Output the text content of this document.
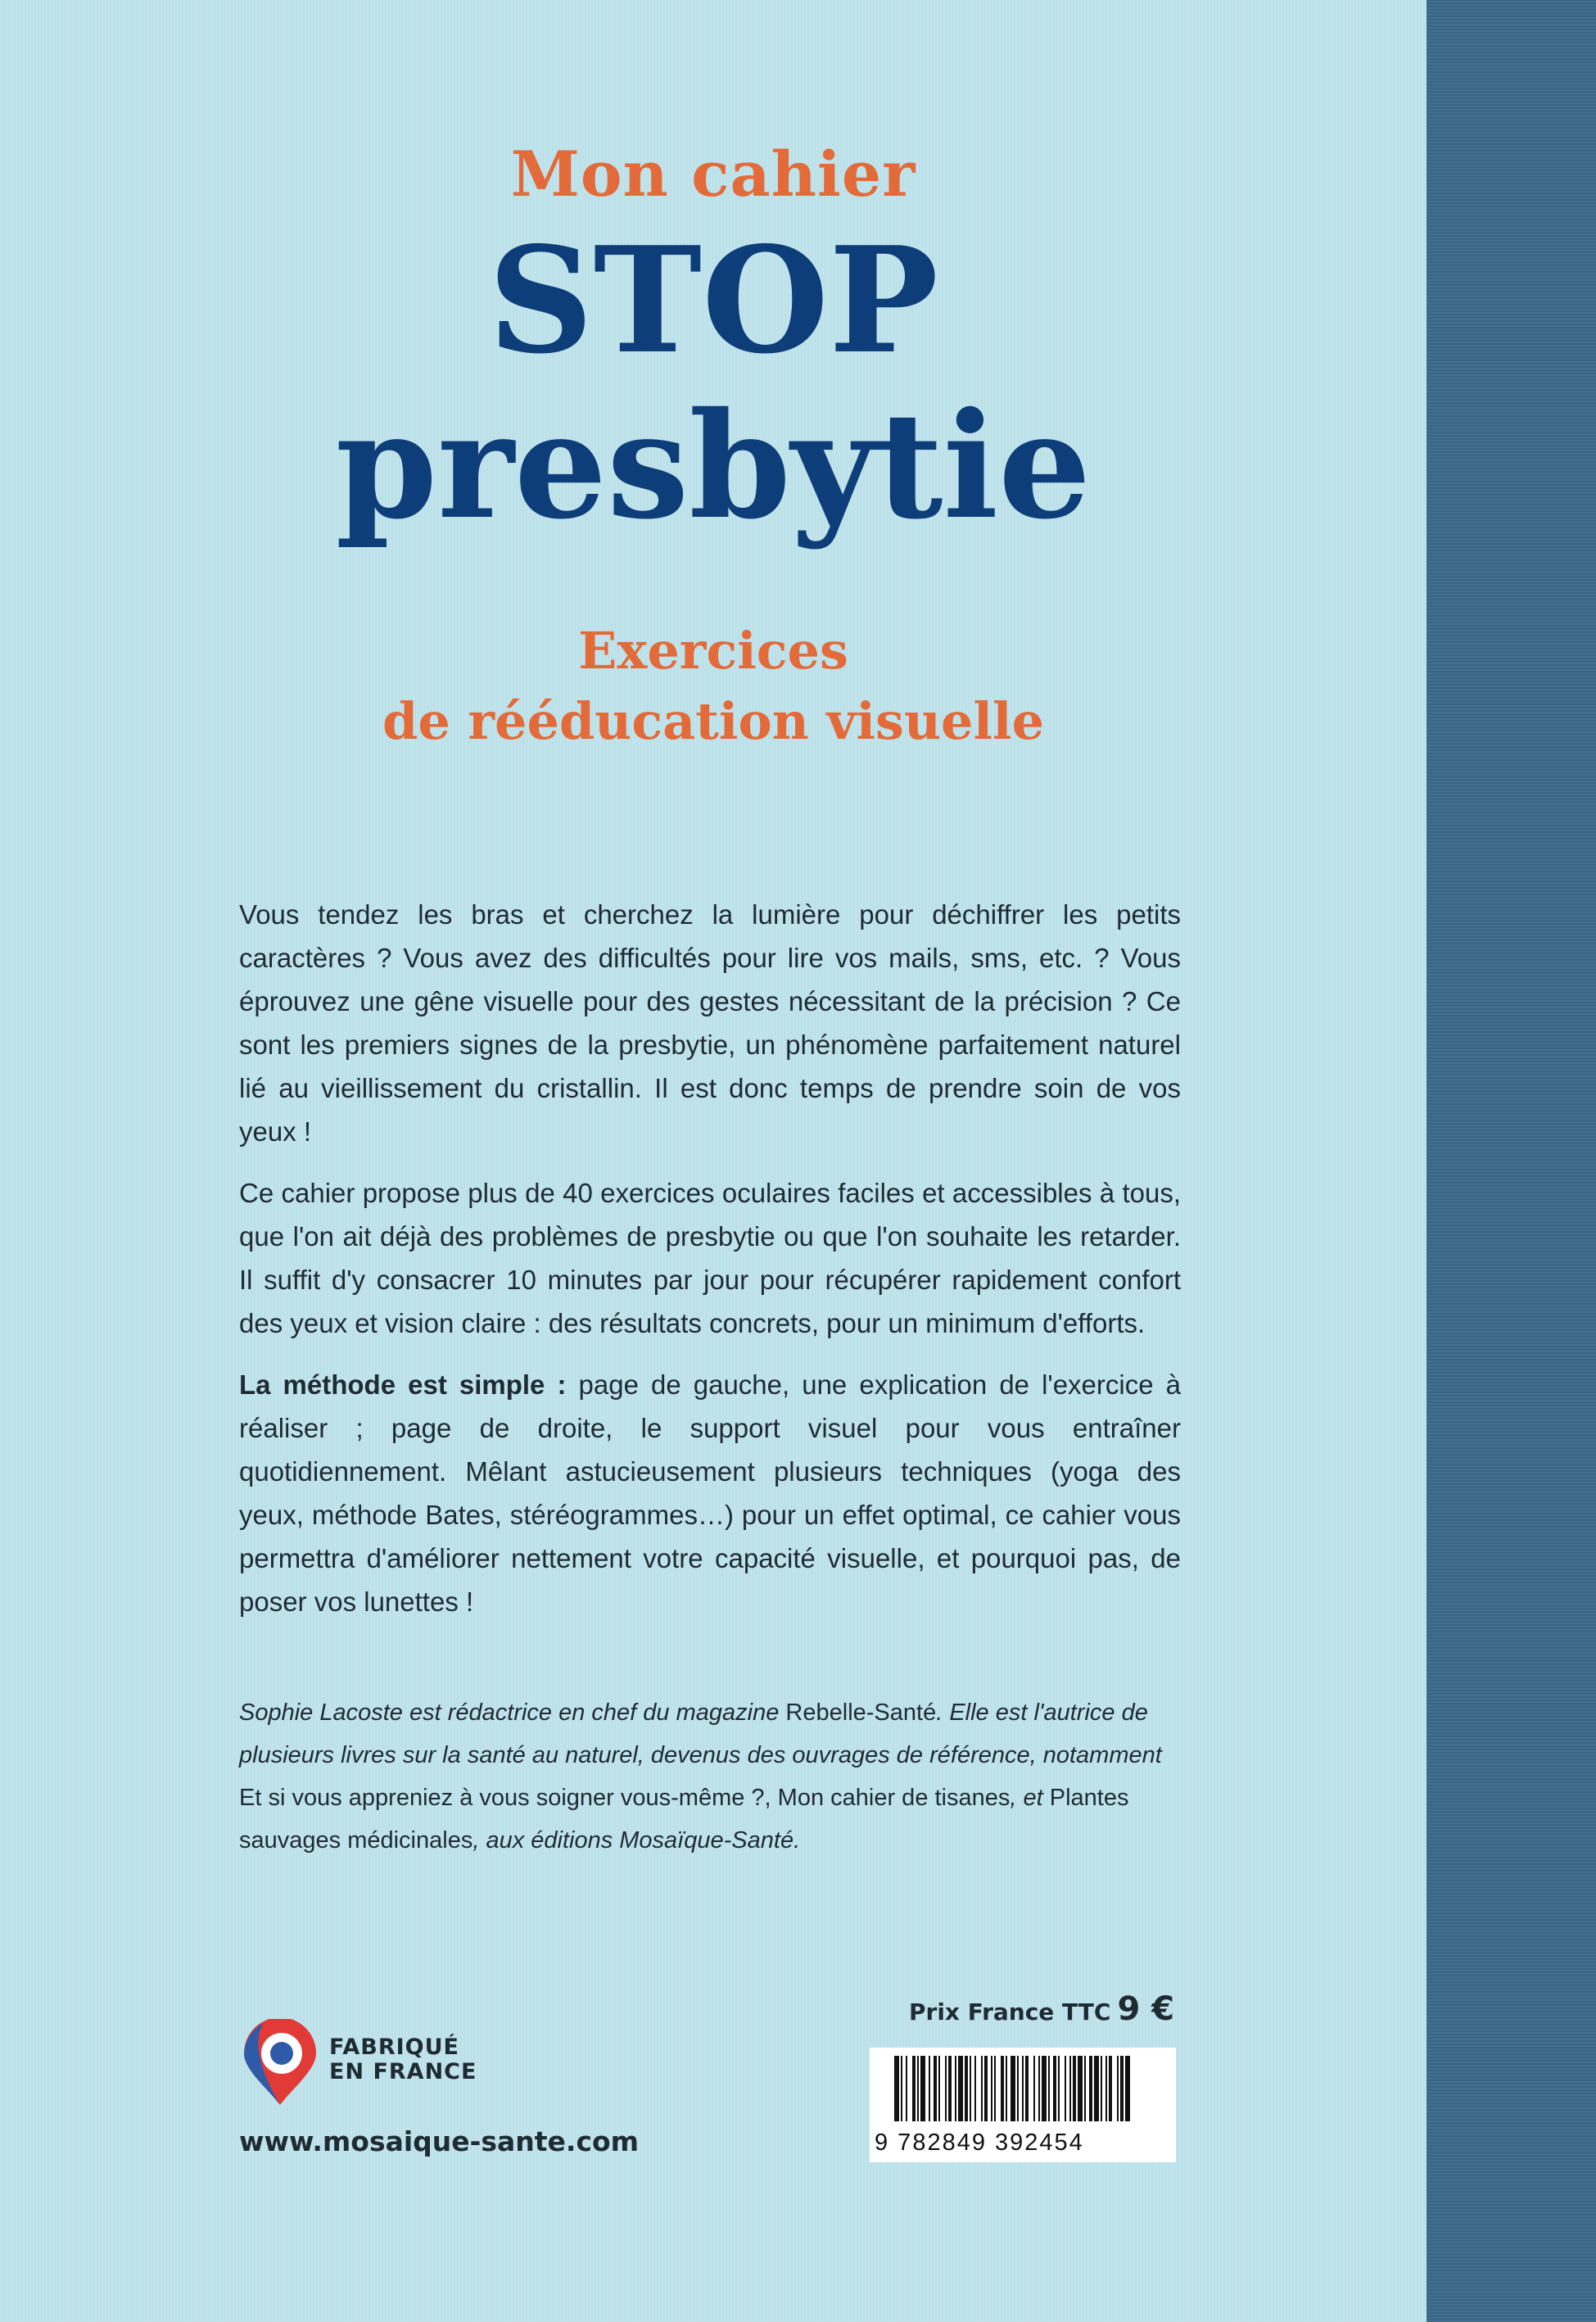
Mon cahier
STOP
presbytie
Exercices
de rééducation visuelle

Vous tendez les bras et cherchez la lumière pour déchiffrer les petits caractères ? Vous avez des difficultés pour lire vos mails, sms, etc. ? Vous éprouvez une gêne visuelle pour des gestes nécessitant de la précision ? Ce sont les premiers signes de la presbytie, un phénomène parfaitement naturel lié au vieillissement du cristallin. Il est donc temps de prendre soin de vos yeux !

Ce cahier propose plus de 40 exercices oculaires faciles et accessibles à tous, que l'on ait déjà des problèmes de presbytie ou que l'on souhaite les retarder. Il suffit d'y consacrer 10 minutes par jour pour récupérer rapidement confort des yeux et vision claire : des résultats concrets, pour un minimum d'efforts.

La méthode est simple : page de gauche, une explication de l'exercice à réaliser ; page de droite, le support visuel pour vous entraîner quotidiennement. Mêlant astucieusement plusieurs techniques (yoga des yeux, méthode Bates, stéréogrammes…) pour un effet optimal, ce cahier vous permettra d'améliorer nettement votre capacité visuelle, et pourquoi pas, de poser vos lunettes !

Sophie Lacoste est rédactrice en chef du magazine Rebelle-Santé. Elle est l'autrice de plusieurs livres sur la santé au naturel, devenus des ouvrages de référence, notamment Et si vous appreniez à vous soigner vous-même ?, Mon cahier de tisanes, et Plantes sauvages médicinales, aux éditions Mosaïque-Santé.
FABRIQUÉ
EN FRANCE
www.mosaique-sante.com
Prix France TTC 9 €
9 782849 392454
